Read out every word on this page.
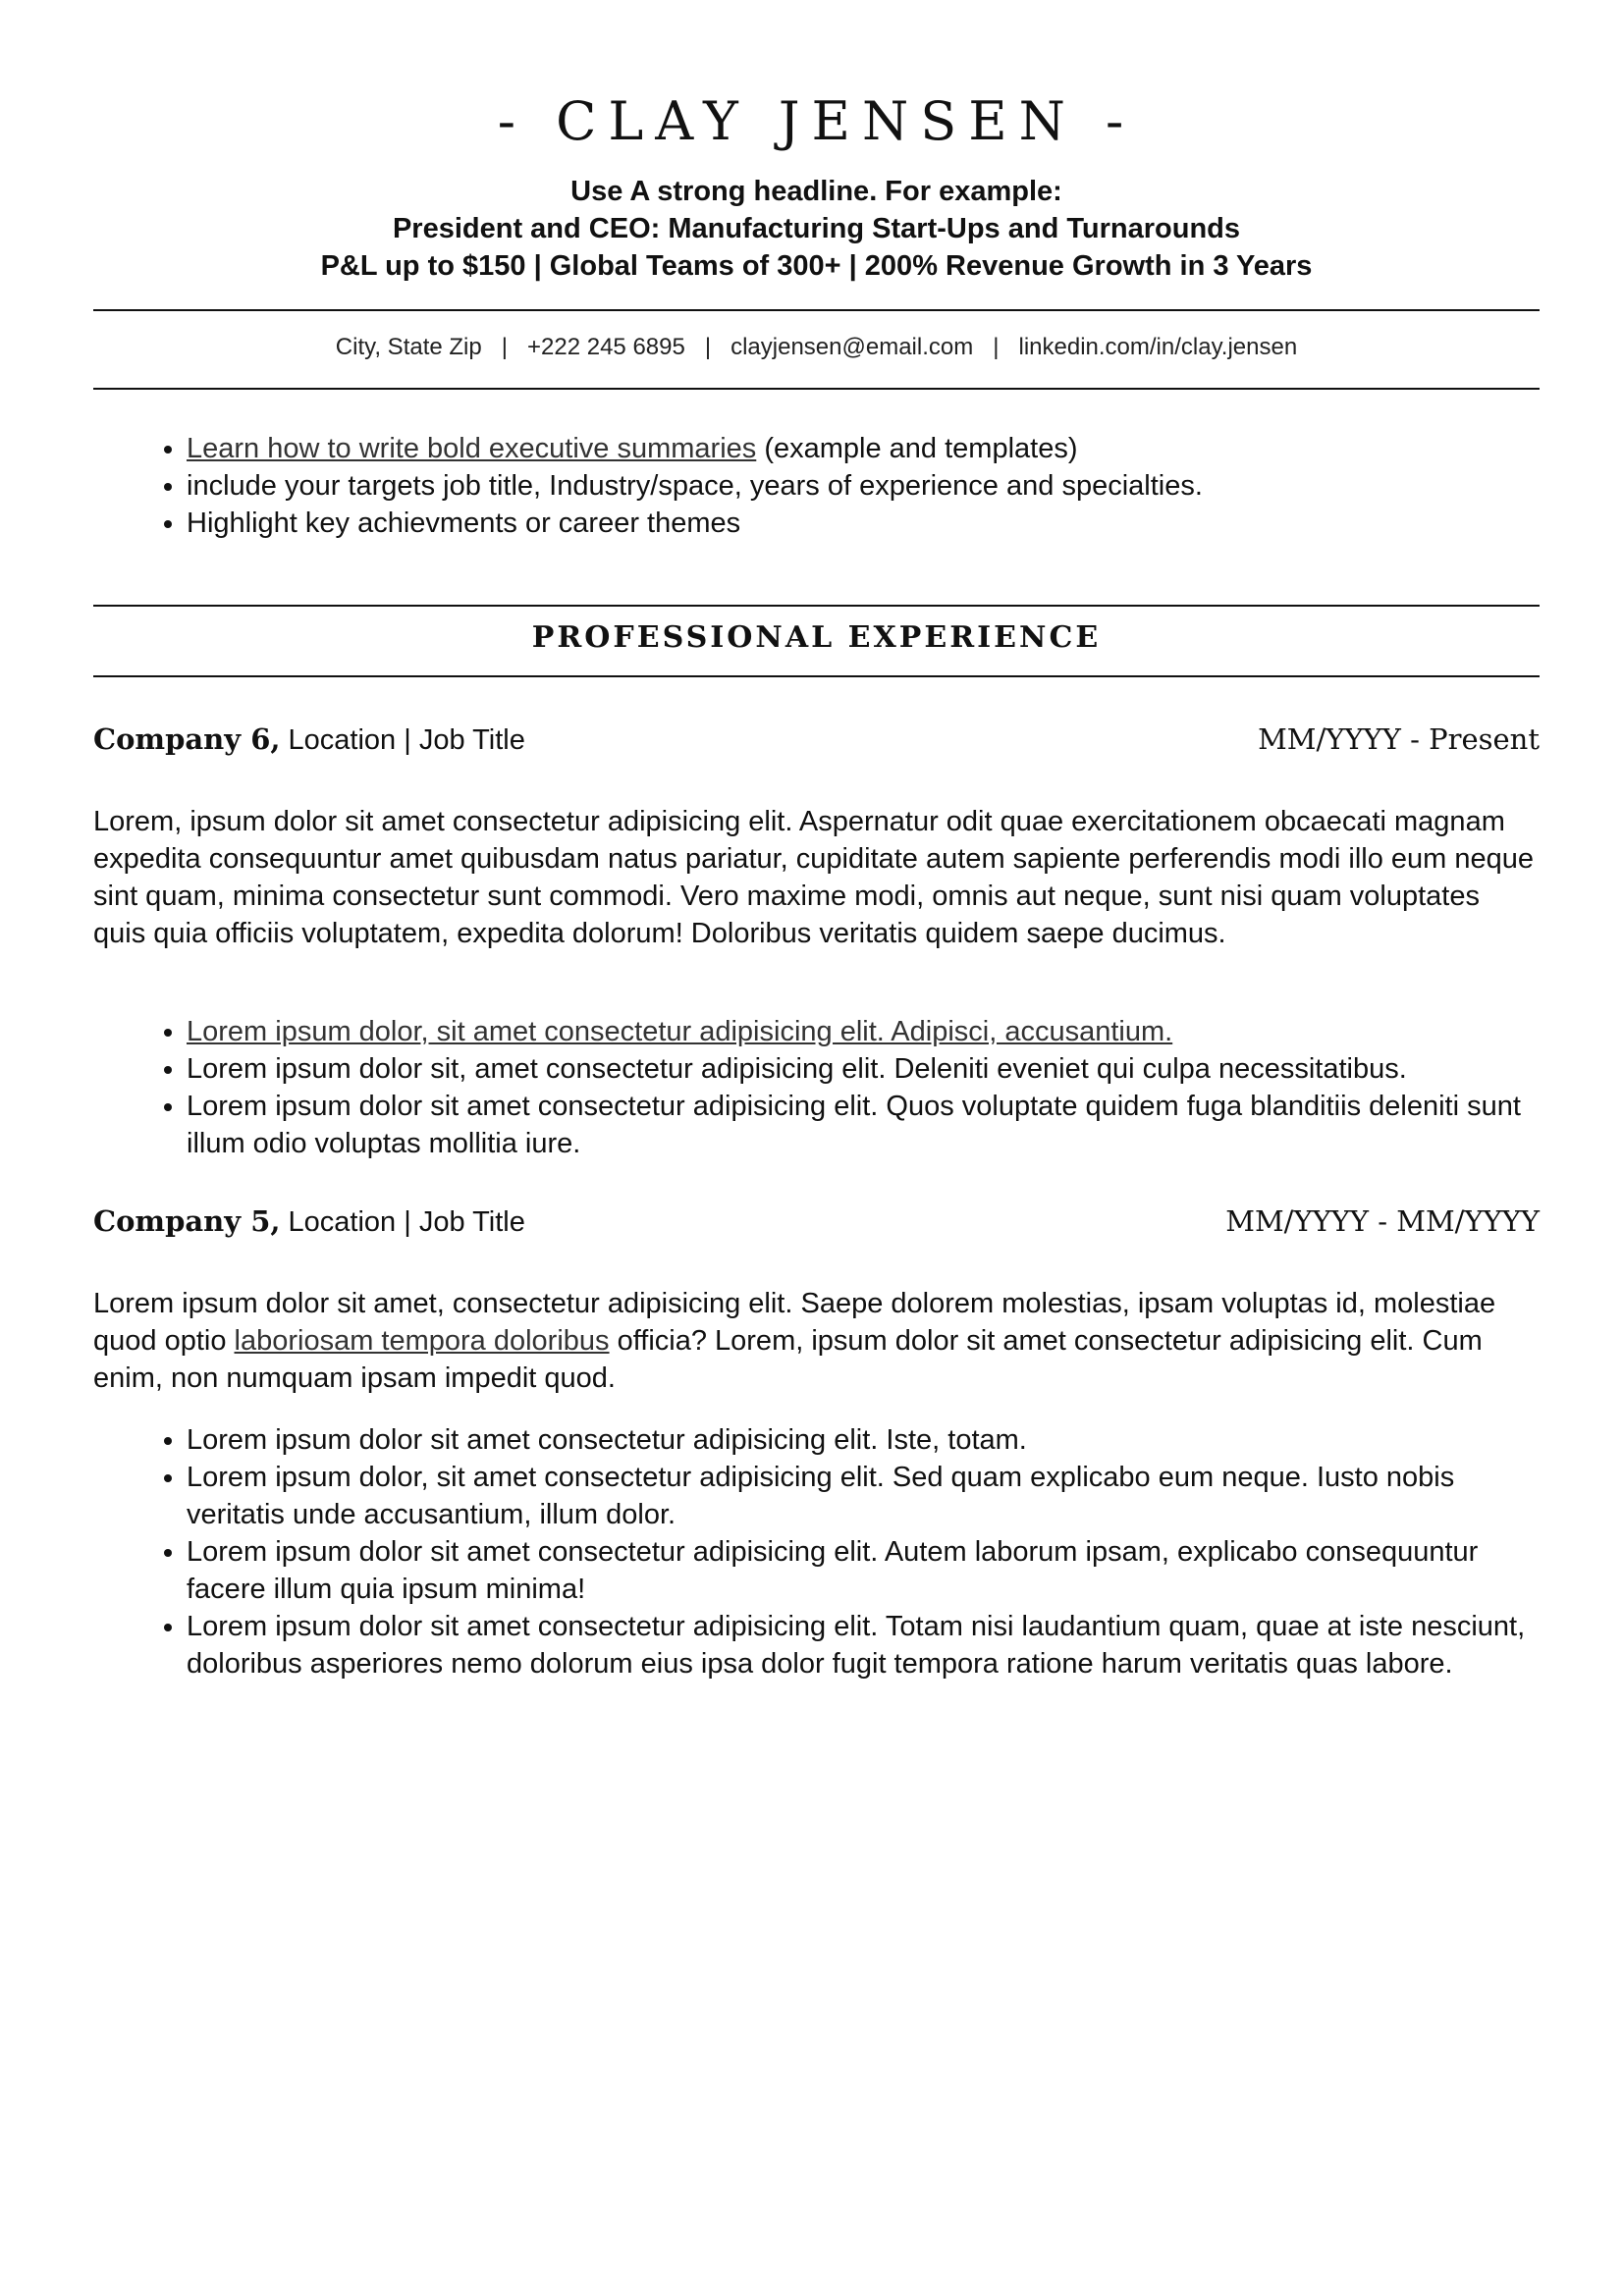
- CLAY JENSEN -
Use A strong headline. For example:
President and CEO: Manufacturing Start-Ups and Turnarounds
P&L up to $150 | Global Teams of 300+ | 200% Revenue Growth in 3 Years
City, State Zip | +222 245 6895 | clayjensen@email.com | linkedin.com/in/clay.jensen
• Learn how to write bold executive summaries (example and templates)
• include your targets job title, Industry/space, years of experience and specialties.
• Highlight key achievments or career themes
PROFESSIONAL EXPERIENCE
Company 6, Location | Job Title	MM/YYYY - Present

Lorem, ipsum dolor sit amet consectetur adipisicing elit. Aspernatur odit quae exercitationem obcaecati magnam expedita consequuntur amet quibusdam natus pariatur, cupiditate autem sapiente perferendis modi illo eum neque sint quam, minima consectetur sunt commodi. Vero maxime modi, omnis aut neque, sunt nisi quam voluptates quis quia officiis voluptatem, expedita dolorum! Doloribus veritatis quidem saepe ducimus.

• Lorem ipsum dolor, sit amet consectetur adipisicing elit. Adipisci, accusantium.
• Lorem ipsum dolor sit, amet consectetur adipisicing elit. Deleniti eveniet qui culpa necessitatibus.
• Lorem ipsum dolor sit amet consectetur adipisicing elit. Quos voluptate quidem fuga blanditiis deleniti sunt illum odio voluptas mollitia iure.
Company 5, Location | Job Title	MM/YYYY - MM/YYYY

Lorem ipsum dolor sit amet, consectetur adipisicing elit. Saepe dolorem molestias, ipsam voluptas id, molestiae quod optio laboriosam tempora doloribus officia? Lorem, ipsum dolor sit amet consectetur adipisicing elit. Cum enim, non numquam ipsam impedit quod.

• Lorem ipsum dolor sit amet consectetur adipisicing elit. Iste, totam.
• Lorem ipsum dolor, sit amet consectetur adipisicing elit. Sed quam explicabo eum neque. Iusto nobis veritatis unde accusantium, illum dolor.
• Lorem ipsum dolor sit amet consectetur adipisicing elit. Autem laborum ipsam, explicabo consequuntur facere illum quia ipsum minima!
• Lorem ipsum dolor sit amet consectetur adipisicing elit. Totam nisi laudantium quam, quae at iste nesciunt, doloribus asperiores nemo dolorum eius ipsa dolor fugit tempora ratione harum veritatis quas labore.
